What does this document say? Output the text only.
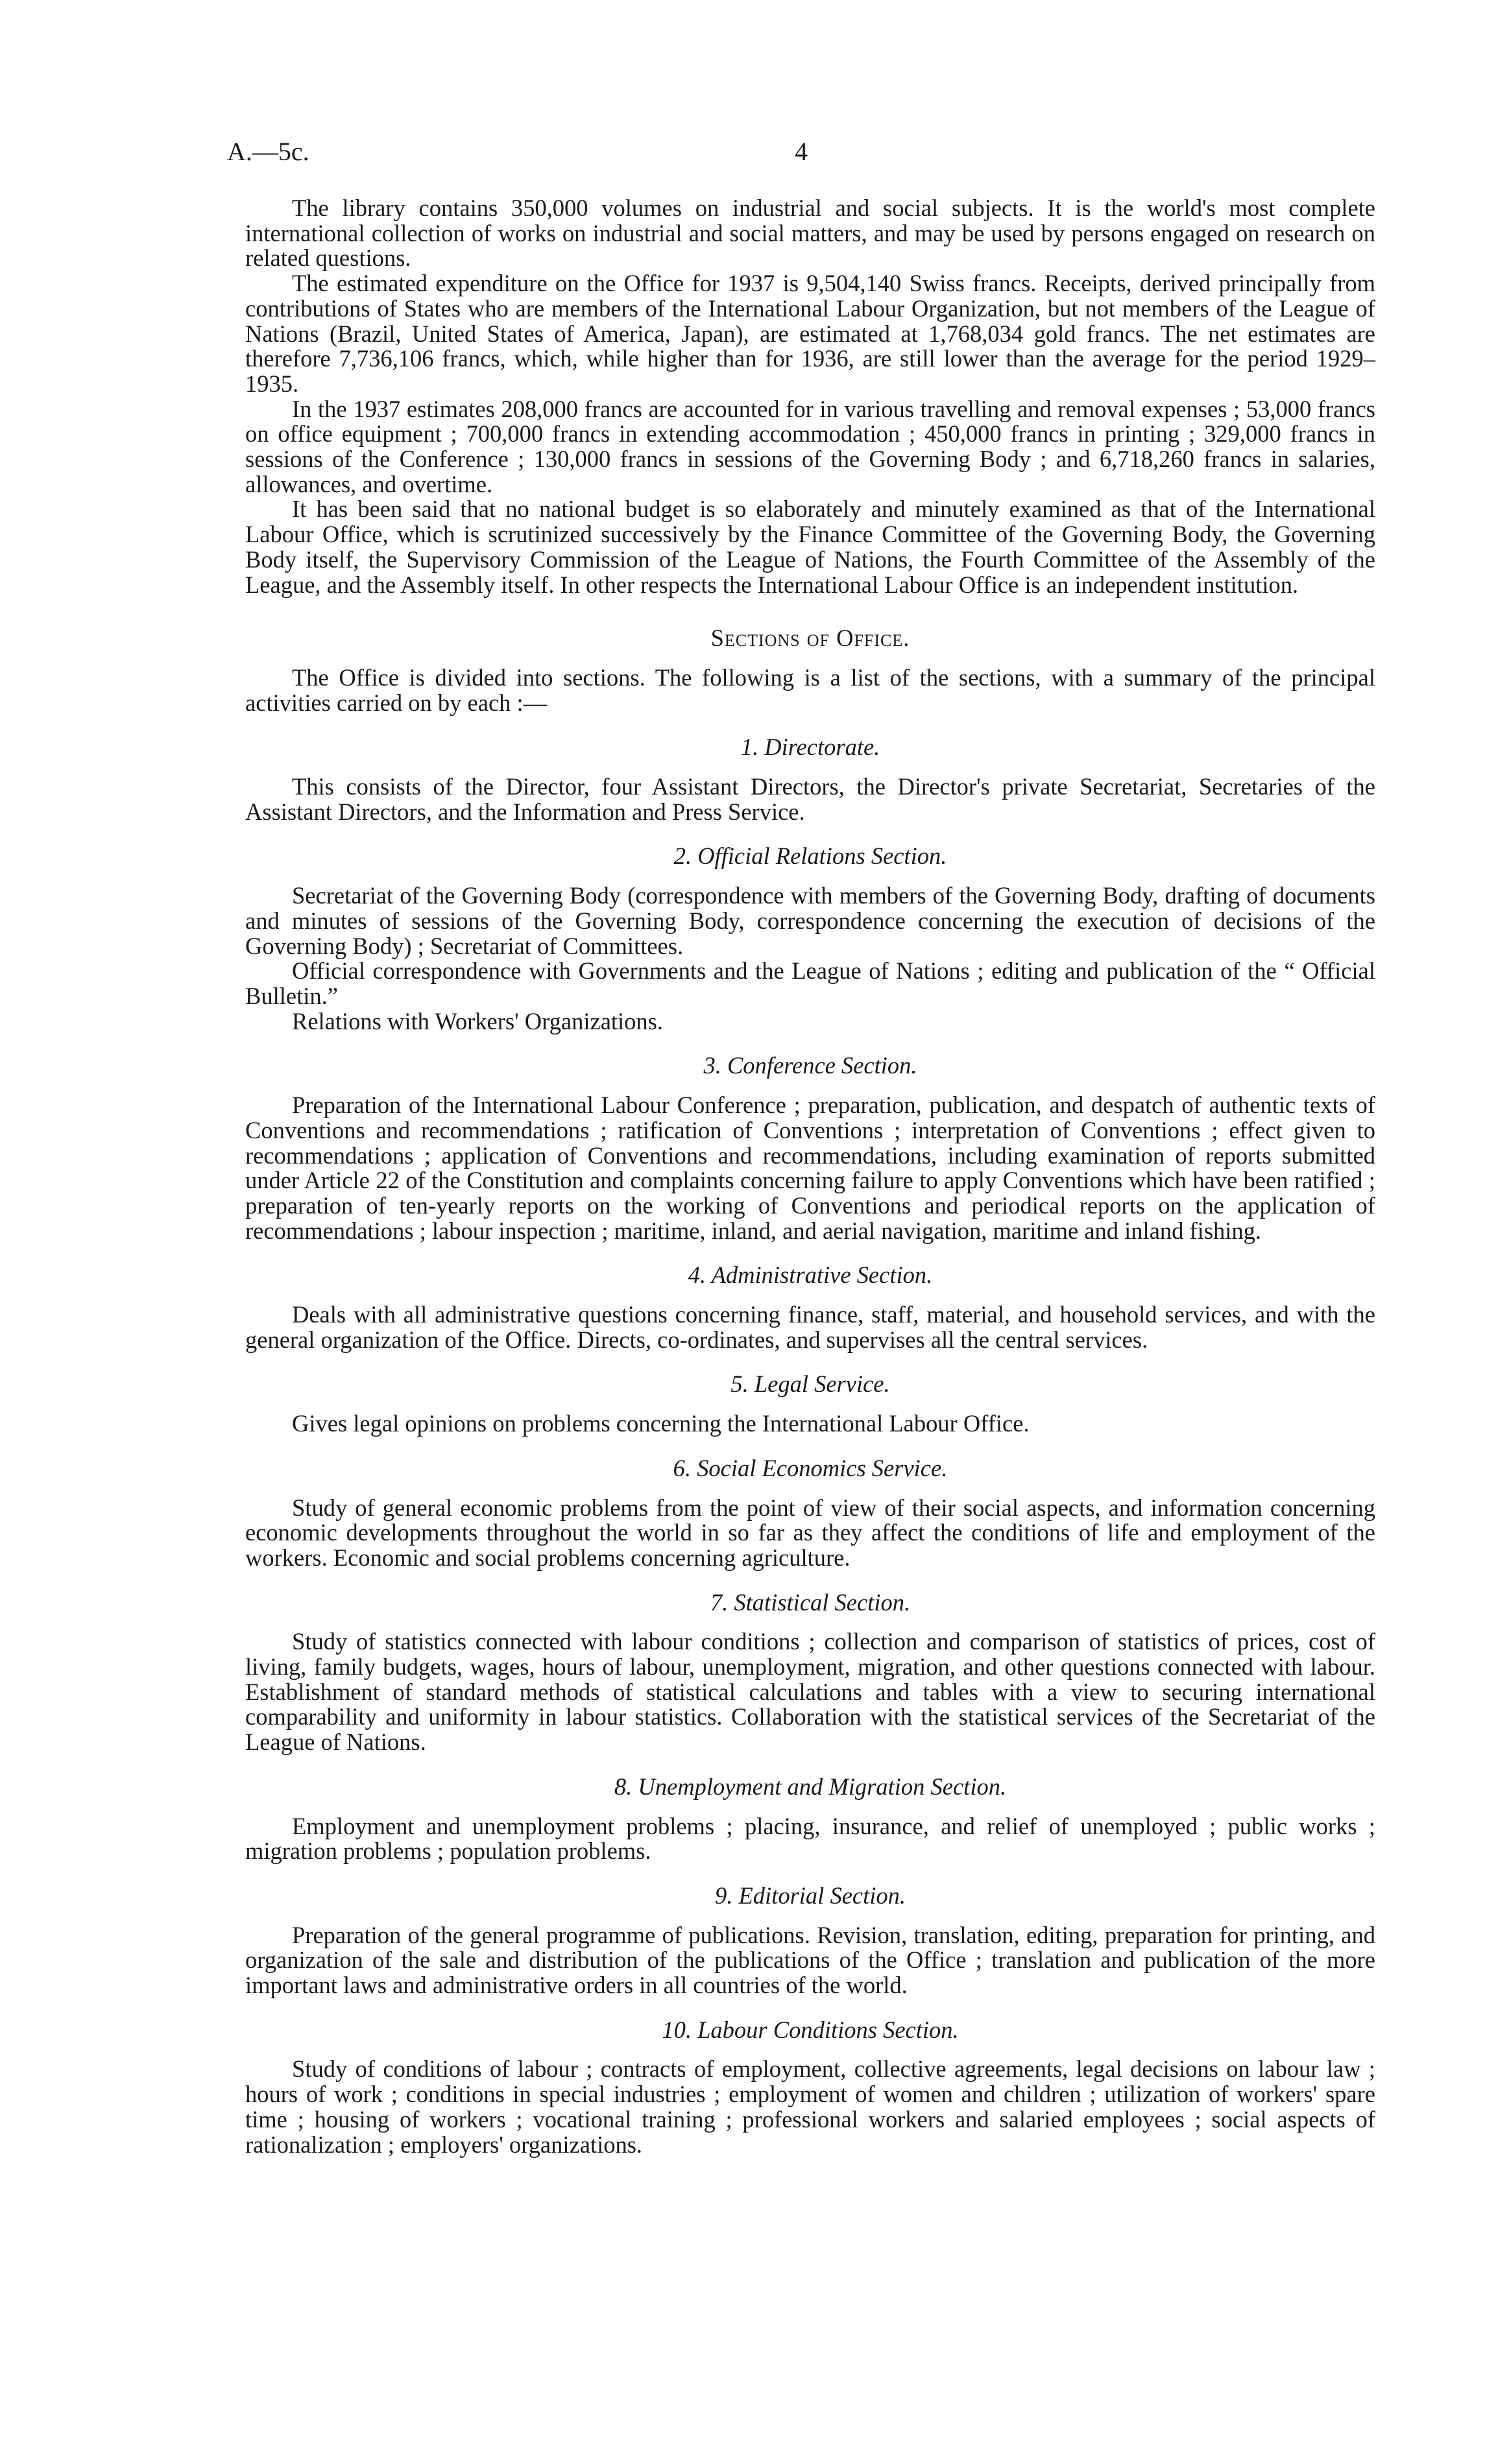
A.—5c.	4

The library contains 350,000 volumes on industrial and social subjects. It is the world's most complete international collection of works on industrial and social matters, and may be used by persons engaged on research on related questions.

The estimated expenditure on the Office for 1937 is 9,504,140 Swiss francs. Receipts, derived principally from contributions of States who are members of the International Labour Organization, but not members of the League of Nations (Brazil, United States of America, Japan), are estimated at 1,768,034 gold francs. The net estimates are therefore 7,736,106 francs, which, while higher than for 1936, are still lower than the average for the period 1929–1935.

In the 1937 estimates 208,000 francs are accounted for in various travelling and removal expenses ; 53,000 francs on office equipment ; 700,000 francs in extending accommodation ; 450,000 francs in printing ; 329,000 francs in sessions of the Conference ; 130,000 francs in sessions of the Governing Body ; and 6,718,260 francs in salaries, allowances, and overtime.

It has been said that no national budget is so elaborately and minutely examined as that of the International Labour Office, which is scrutinized successively by the Finance Committee of the Governing Body, the Governing Body itself, the Supervisory Commission of the League of Nations, the Fourth Committee of the Assembly of the League, and the Assembly itself. In other respects the International Labour Office is an independent institution.

Sections of Office.

The Office is divided into sections. The following is a list of the sections, with a summary of the principal activities carried on by each :—

1. Directorate.

This consists of the Director, four Assistant Directors, the Director's private Secretariat, Secretaries of the Assistant Directors, and the Information and Press Service.

2. Official Relations Section.

Secretariat of the Governing Body (correspondence with members of the Governing Body, drafting of documents and minutes of sessions of the Governing Body, correspondence concerning the execution of decisions of the Governing Body) ; Secretariat of Committees.

Official correspondence with Governments and the League of Nations ; editing and publication of the “ Official Bulletin.”

Relations with Workers' Organizations.

3. Conference Section.

Preparation of the International Labour Conference ; preparation, publication, and despatch of authentic texts of Conventions and recommendations ; ratification of Conventions ; interpretation of Conventions ; effect given to recommendations ; application of Conventions and recommendations, including examination of reports submitted under Article 22 of the Constitution and complaints concerning failure to apply Conventions which have been ratified ; preparation of ten-yearly reports on the working of Conventions and periodical reports on the application of recommendations ; labour inspection ; maritime, inland, and aerial navigation, maritime and inland fishing.

4. Administrative Section.

Deals with all administrative questions concerning finance, staff, material, and household services, and with the general organization of the Office. Directs, co-ordinates, and supervises all the central services.

5. Legal Service.

Gives legal opinions on problems concerning the International Labour Office.

6. Social Economics Service.

Study of general economic problems from the point of view of their social aspects, and information concerning economic developments throughout the world in so far as they affect the conditions of life and employment of the workers. Economic and social problems concerning agriculture.

7. Statistical Section.

Study of statistics connected with labour conditions ; collection and comparison of statistics of prices, cost of living, family budgets, wages, hours of labour, unemployment, migration, and other questions connected with labour. Establishment of standard methods of statistical calculations and tables with a view to securing international comparability and uniformity in labour statistics. Collaboration with the statistical services of the Secretariat of the League of Nations.

8. Unemployment and Migration Section.

Employment and unemployment problems ; placing, insurance, and relief of unemployed ; public works ; migration problems ; population problems.

9. Editorial Section.

Preparation of the general programme of publications. Revision, translation, editing, preparation for printing, and organization of the sale and distribution of the publications of the Office ; translation and publication of the more important laws and administrative orders in all countries of the world.

10. Labour Conditions Section.

Study of conditions of labour ; contracts of employment, collective agreements, legal decisions on labour law ; hours of work ; conditions in special industries ; employment of women and children ; utilization of workers' spare time ; housing of workers ; vocational training ; professional workers and salaried employees ; social aspects of rationalization ; employers' organizations.
